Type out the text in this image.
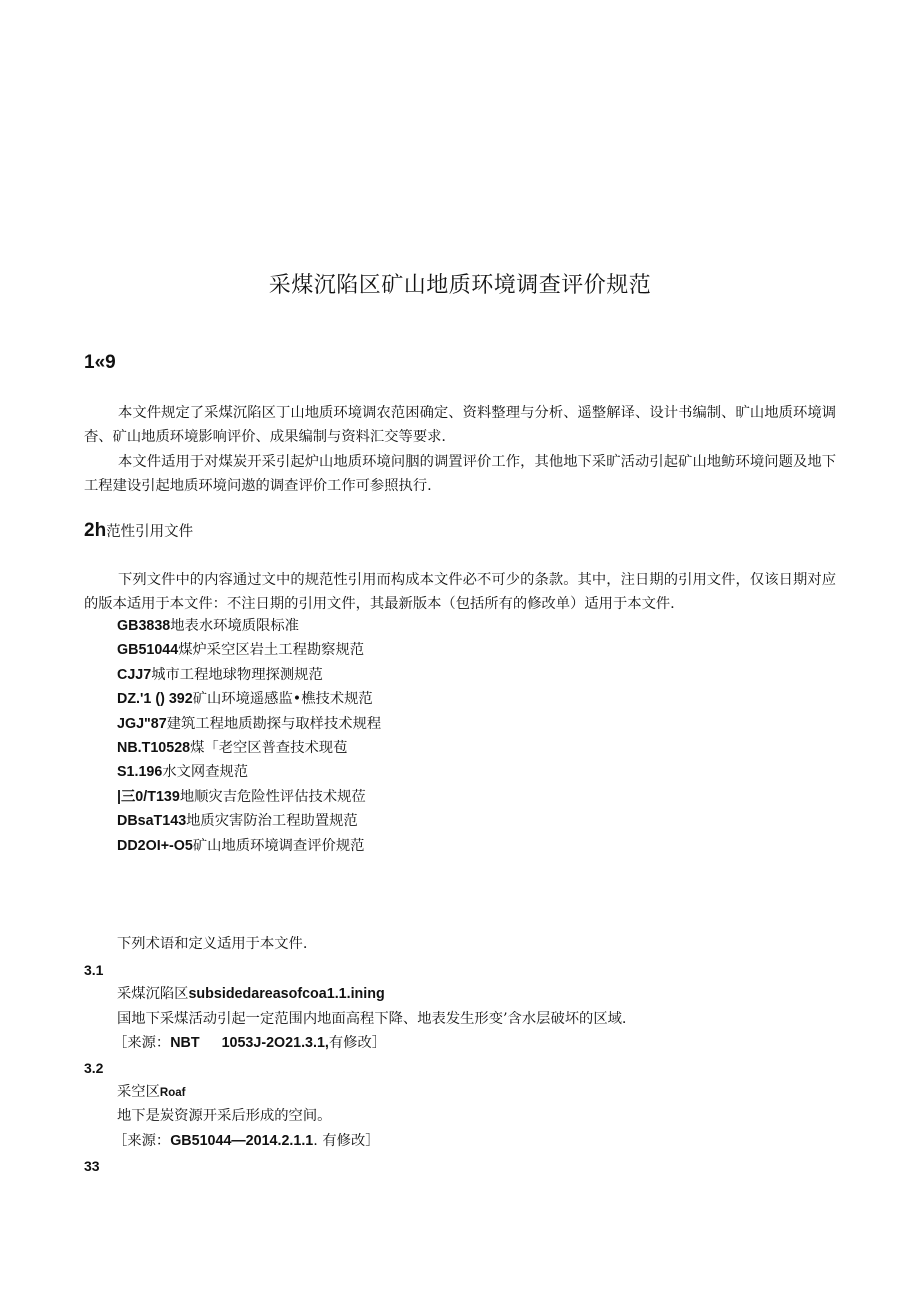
采煤沉陷区矿山地质环境调查评价规范
1«9
本文件规定了采煤沉陷区丁山地质环境调农范困确定、资料整理与分析、遥整解译、设计书编制、旷山地质环境调杳、矿山地质环境影响评价、成果编制与资料汇交等要求.
本文件适用于对煤炭开采引起炉山地质环境问胭的调置评价工作，其他地下采旷活动引起矿山地鲂环境问题及地下工程建设引起地质环境问遨的调查评价工作可参照执行.
2h范性引用文件
下列文件中的内容通过文中的规范性引用而构成本文件必不可少的条款。其中，注日期的引用文件，仅该日期对应的版本适用于本文件：不注日期的引用文件，其最新版本（包括所有的修改单）适用于本文件.
GB3838地表水环境质限标准
GB51044煤炉采空区岩土工程勘察规范
CJJ7城市工程地球物理探测规范
DZ.'1 () 392矿山环境遥感监•樵技术规范
JGJ"87建筑工程地质勘探与取样技术规程
NB.T10528煤「老空区普查技术现苞
S1.196水文网查规范
|三0/T139地顺灾吉危险性评估技术规莅
DBsaT143地质灾害防治工程助置规范
DD2OI+-O5矿山地质环境调查评价规范
下列术语和定义适用于本文件.
3.1
采煤沉陷区subsidedareasofcoa1.1.ining
国地下采煤活动引起一定范围内地面高程下降、地表发生形变’含水层破坏的区域.
［来源：NBT 1053J-2O21.3.1,有修改］
3.2
采空区Roaf
地下是炭资源开采后形成的空间。
［来源：GB51044—2014.2.1.1. 有修改］
33
